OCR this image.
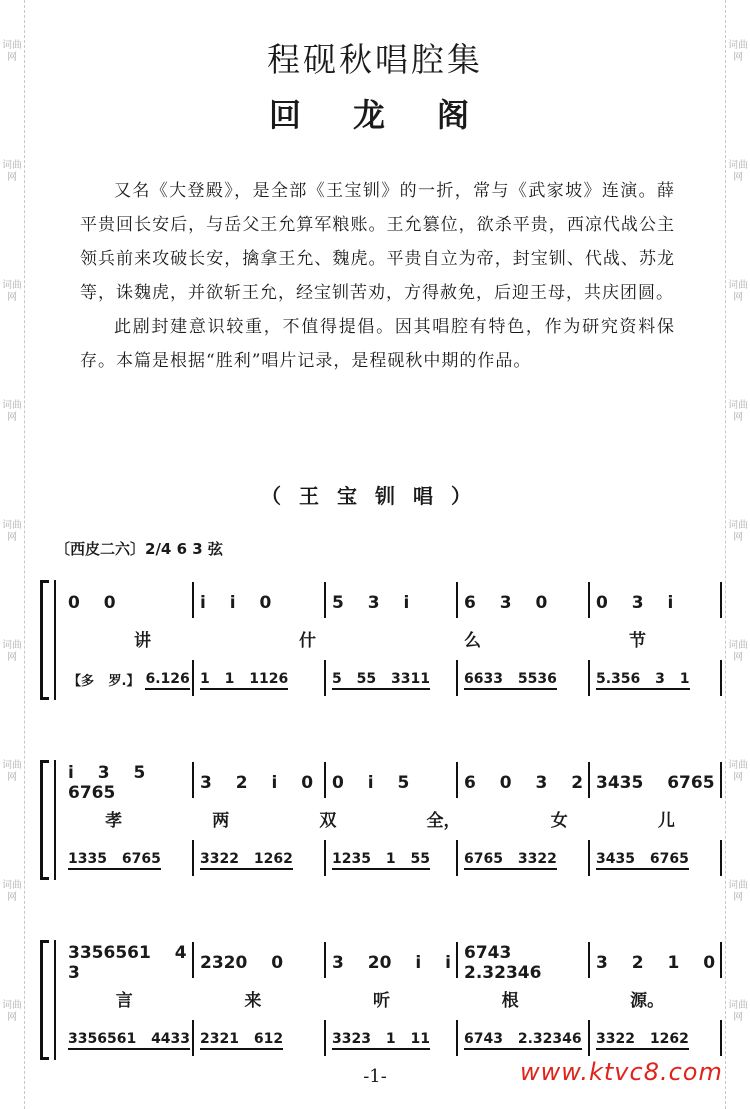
词曲网
词曲网
词曲网
词曲网
词曲网
词曲网
词曲网
词曲网
词曲网
词曲网
词曲网
词曲网
词曲网
词曲网
词曲网
词曲网
词曲网
词曲网
程砚秋唱腔集
回龙阁

又名《大登殿》，是全部《王宝钏》的一折，常与《武家坡》连演。薛平贵回长安后，与岳父王允算军粮账。王允篡位，欲杀平贵，西凉代战公主领兵前来攻破长安，擒拿王允、魏虎。平贵自立为帝，封宝钏、代战、苏龙等，诛魏虎，并欲斩王允，经宝钏苦劝，方得赦免，后迎王母，共庆团圆。

此剧封建意识较重，不值得提倡。因其唱腔有特色，作为研究资料保存。本篇是根据“胜利”唱片记录，是程砚秋中期的作品。

（王宝钏唱）
〔西皮二六〕2/4 6 3 弦
0 0	i i 0	5 3 i	6 3 0	0 3 i
讲	什	么	节
【多 罗.】 6.126 1 1 1126	5 55 3311 6633 5536	5.356 3 1
i 3 5 6765	3 2 i 0	0 i 5	6 0 3 2 3435 6765
孝	两	双	全，	女	儿
1335 6765	3322 1262	1235 1 55 6765 3322	3435 6765
3356561 4 3	2320 0	3 20 i i 6743 2.32346	3 2 1 0
言	来	听	根	源。
3356561 4433 2321 612	3323 1 11 6743 2.32346 3322 1262
-1-	www.ktvc8.com
